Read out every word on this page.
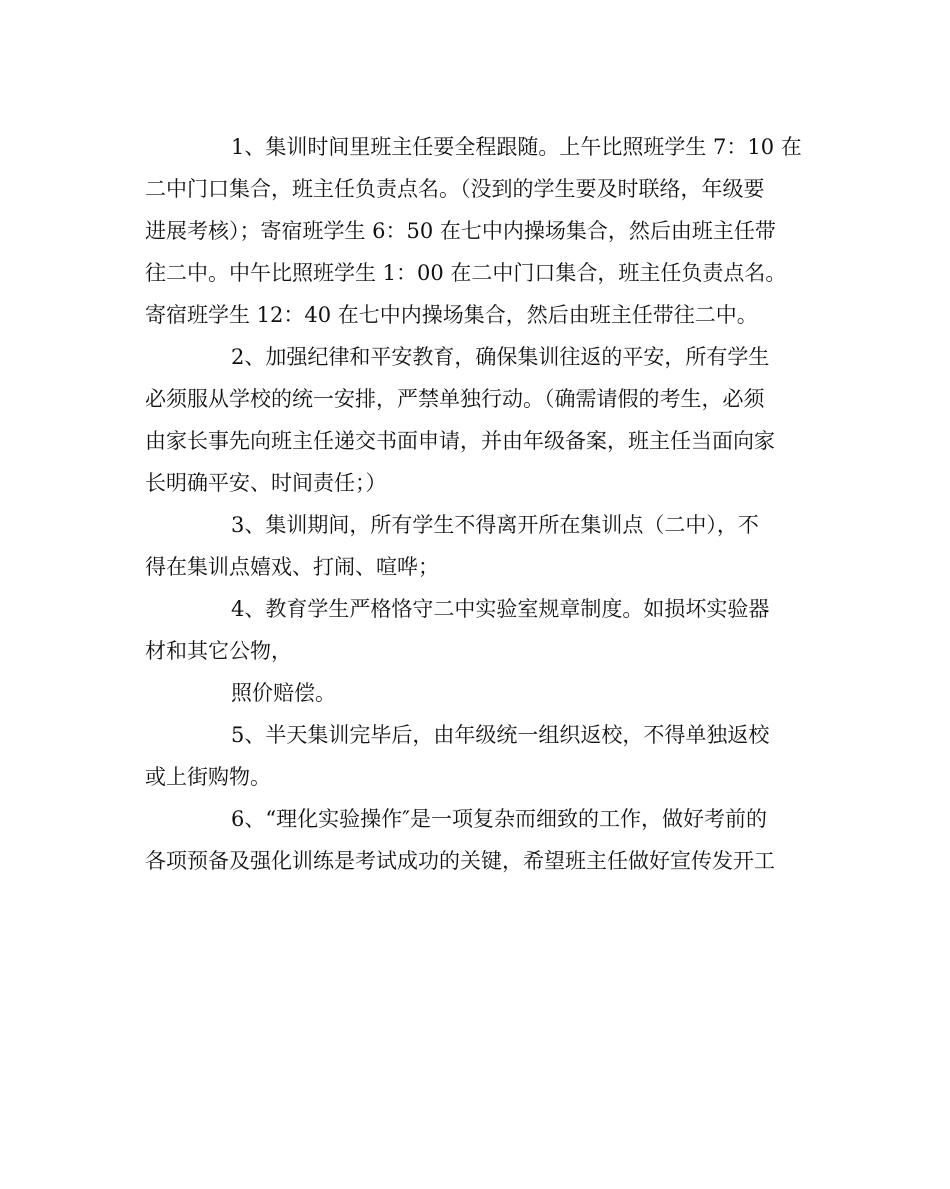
1、集训时间里班主任要全程跟随。上午比照班学生 7：10 在
二中门口集合，班主任负责点名。（没到的学生要及时联络，年级要
进展考核）；寄宿班学生 6：50 在七中内操场集合，然后由班主任带
往二中。中午比照班学生 1：00 在二中门口集合，班主任负责点名。
寄宿班学生 12：40 在七中内操场集合，然后由班主任带往二中。
2、加强纪律和平安教育，确保集训往返的平安，所有学生
必须服从学校的统一安排，严禁单独行动。（确需请假的考生，必须
由家长事先向班主任递交书面申请，并由年级备案，班主任当面向家
长明确平安、时间责任；）
3、集训期间，所有学生不得离开所在集训点（二中），不
得在集训点嬉戏、打闹、喧哗；
4、教育学生严格恪守二中实验室规章制度。如损坏实验器
材和其它公物，
照价赔偿。
5、半天集训完毕后，由年级统一组织返校，不得单独返校
或上街购物。
6、“理化实验操作″是一项复杂而细致的工作，做好考前的
各项预备及强化训练是考试成功的关键，希望班主任做好宣传发开工
